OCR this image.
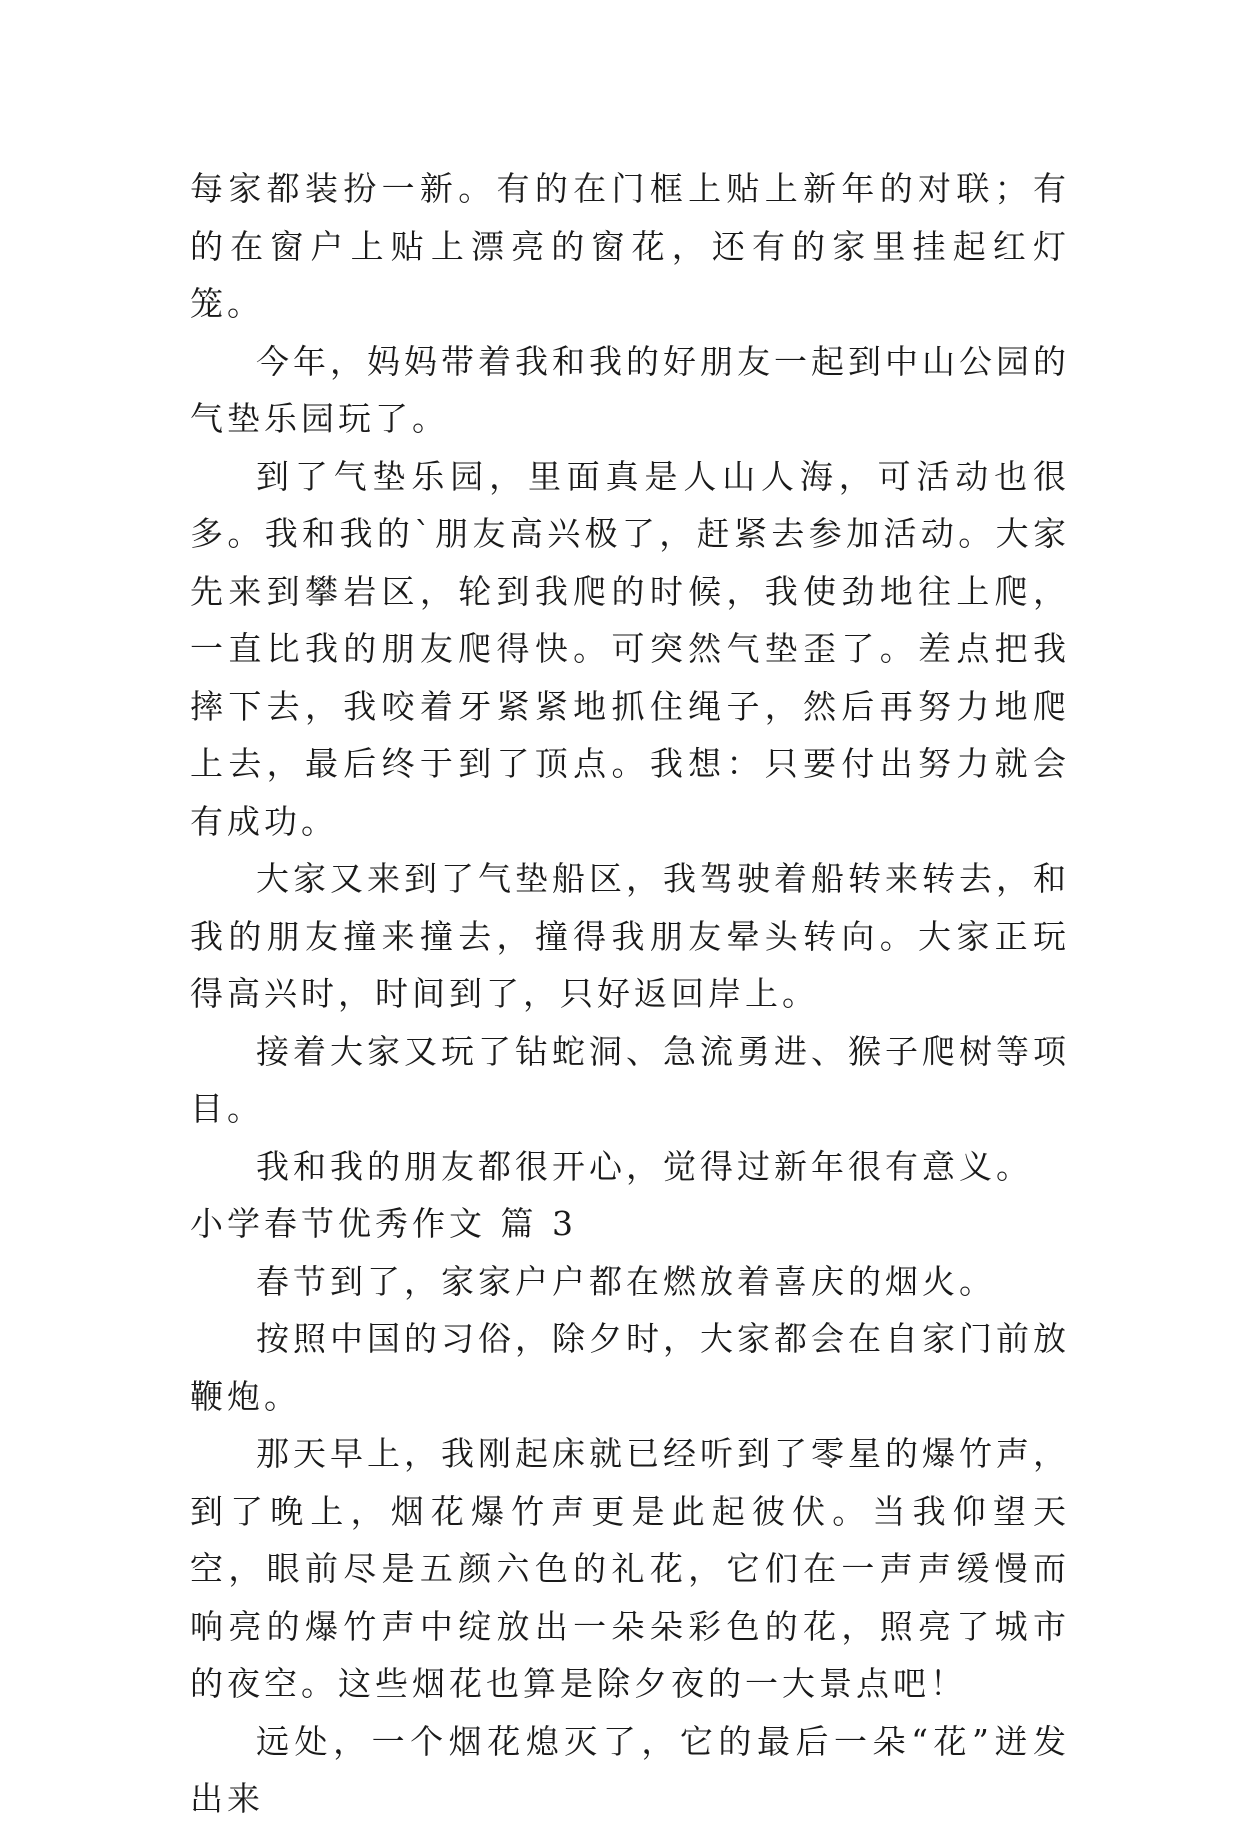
每家都装扮一新。有的在门框上贴上新年的对联；有的在窗户上贴上漂亮的窗花，还有的家里挂起红灯笼。

今年，妈妈带着我和我的好朋友一起到中山公园的气垫乐园玩了。

到了气垫乐园，里面真是人山人海，可活动也很多。我和我的`朋友高兴极了，赶紧去参加活动。大家先来到攀岩区，轮到我爬的时候，我使劲地往上爬，一直比我的朋友爬得快。可突然气垫歪了。差点把我摔下去，我咬着牙紧紧地抓住绳子，然后再努力地爬上去，最后终于到了顶点。我想：只要付出努力就会有成功。

大家又来到了气垫船区，我驾驶着船转来转去，和我的朋友撞来撞去，撞得我朋友晕头转向。大家正玩得高兴时，时间到了，只好返回岸上。

接着大家又玩了钻蛇洞、急流勇进、猴子爬树等项目。

我和我的朋友都很开心，觉得过新年很有意义。

小学春节优秀作文 篇 3

春节到了，家家户户都在燃放着喜庆的烟火。

按照中国的习俗，除夕时，大家都会在自家门前放鞭炮。

那天早上，我刚起床就已经听到了零星的爆竹声，到了晚上，烟花爆竹声更是此起彼伏。当我仰望天空，眼前尽是五颜六色的礼花，它们在一声声缓慢而响亮的爆竹声中绽放出一朵朵彩色的花，照亮了城市的夜空。这些烟花也算是除夕夜的一大景点吧！

远处，一个烟花熄灭了，它的最后一朵“花”迸发出来
